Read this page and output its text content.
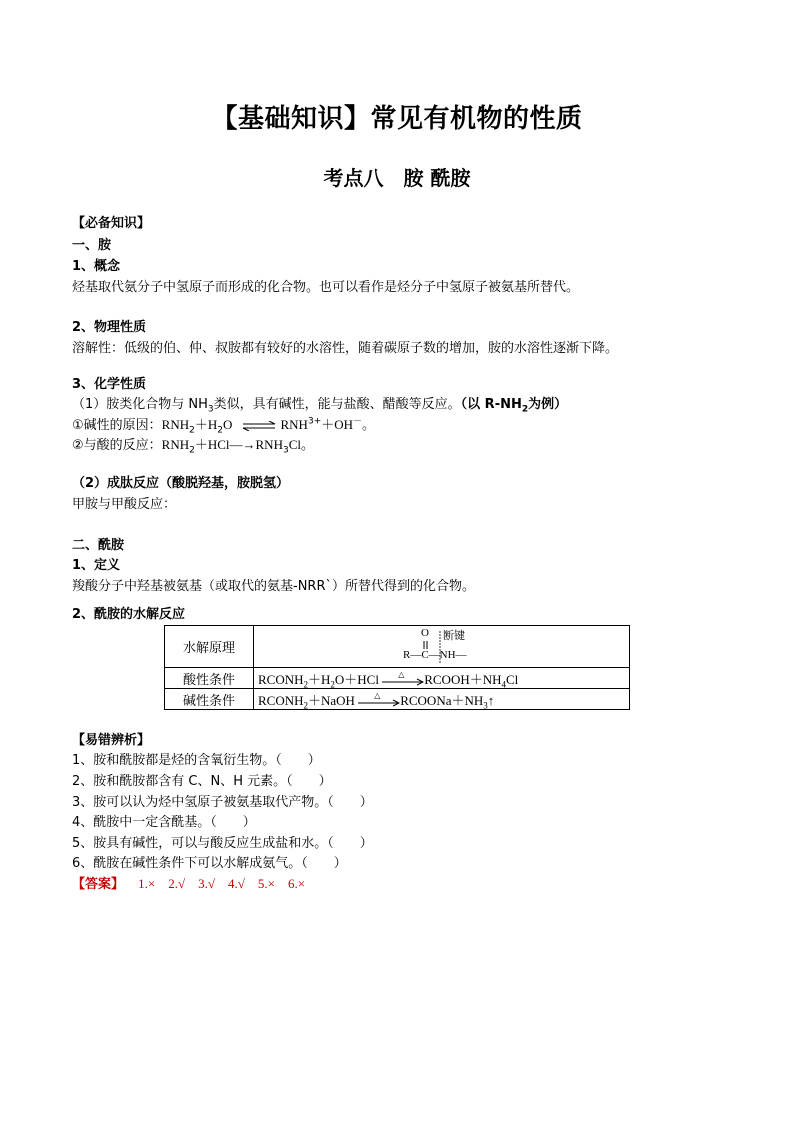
【基础知识】常见有机物的性质
考点八　胺 酰胺
【必备知识】
一、胺
1、概念
烃基取代氨分子中氢原子而形成的化合物。也可以看作是烃分子中氢原子被氨基所替代。
2、物理性质
溶解性：低级的伯、仲、叔胺都有较好的水溶性，随着碳原子数的增加，胺的水溶性逐渐下降。
3、化学性质
（1）胺类化合物与 $NH_3$类似，具有碱性，能与盐酸、醋酸等反应。（以 $R-NH_2$为例）
①碱性的原因：$RNH_2+H_2O$ ⇌ $RNH^{3+}+OH^-$。
②与酸的反应：$RNH_2+HCl―\to RNH_3Cl$。
（2）成肽反应（酸脱羟基，胺脱氢）
甲胺与甲酸反应：
二、酰胺
1、定义
羧酸分子中羟基被氨基（或取代的氨基-NRR`）所替代得到的化合物。
2、酰胺的水解反应
水解原理	O 断键
R—C—NH—

酸性条件	$RCONH_2+H_2O+HCl$ △ $RCOOH+NH_4Cl$
碱性条件	$RCONH_2+NaOH$ △ $RCOONa+NH_3↑$
【易错辨析】
1、胺和酰胺都是烃的含氧衍生物。（　　）
2、胺和酰胺都含有 C、N、H 元素。（　　）
3、胺可以认为烃中氢原子被氨基取代产物。（　　）
4、酰胺中一定含酰基。（　　）
5、胺具有碱性，可以与酸反应生成盐和水。（　　）
6、酰胺在碱性条件下可以水解成氨气。（　　）
【答案】 1.×　2.√　3.√　4.√　5.×　6.×
